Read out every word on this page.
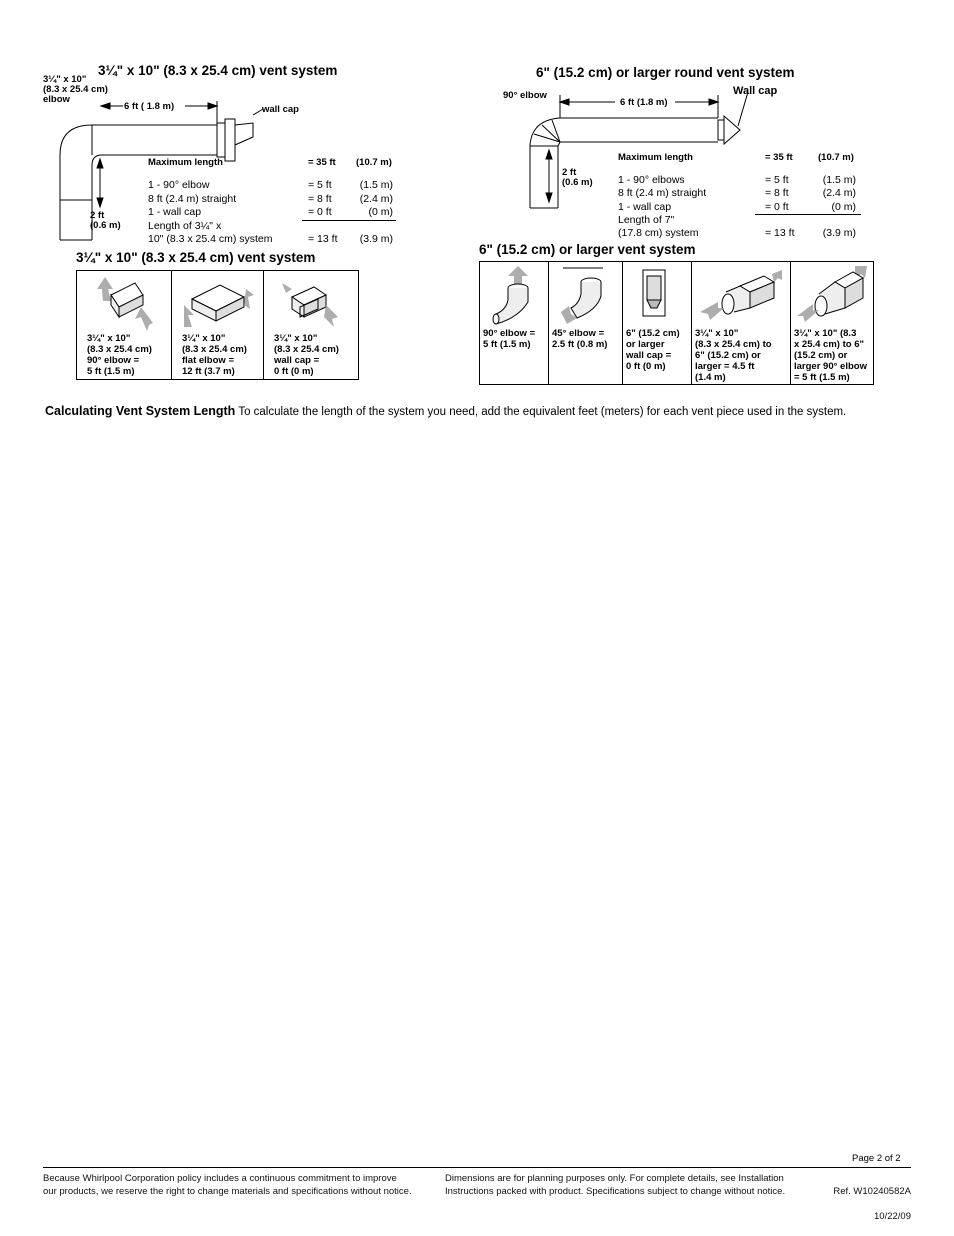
3¼" x 10" (8.3 x 25.4 cm) vent system
3¼" x 10"
(8.3 x 25.4 cm)
elbow
6 ft ( 1.8 m)	wall cap
2 ft
(0.6 m)
Maximum length	= 35 ft (10.7 m)
1 - 90° elbow	= 5 ft	(1.5 m)
8 ft (2.4 m) straight	= 8 ft	(2.4 m)
1 - wall cap	= 0 ft	(0 m)
Length of 3¼" x
10" (8.3 x 25.4 cm) system	= 13 ft	(3.9 m)
6" (15.2 cm) or larger round vent system
90° elbow
6 ft (1.8 m)
Wall cap
2 ft
(0.6 m)
Maximum length	= 35 ft	(10.7 m)
1 - 90° elbows	= 5 ft	(1.5 m)
8 ft (2.4 m) straight	= 8 ft	(2.4 m)
1 - wall cap	= 0 ft	(0 m)
Length of 7"
(17.8 cm) system	= 13 ft	(3.9 m)
3¼" x 10" (8.3 x 25.4 cm) vent system
3¼" x 10"
(8.3 x 25.4 cm)
90° elbow =
5 ft (1.5 m)
3¼" x 10"
(8.3 x 25.4 cm)
flat elbow =
12 ft (3.7 m)
3¼" x 10"
(8.3 x 25.4 cm)
wall cap =
0 ft (0 m)
6" (15.2 cm) or larger vent system
90° elbow =
5 ft (1.5 m)
45° elbow =
2.5 ft (0.8 m)
6" (15.2 cm)
or larger
wall cap =
0 ft (0 m)
3¼" x 10"
(8.3 x 25.4 cm) to
6" (15.2 cm) or
larger = 4.5 ft
(1.4 m)
3¼" x 10" (8.3
x 25.4 cm) to 6"
(15.2 cm) or
larger 90° elbow
= 5 ft (1.5 m)
Calculating Vent System Length To calculate the length of the system you need, add the equivalent feet (meters) for each vent piece used in the system.
Page 2 of 2
Because Whirlpool Corporation policy includes a continuous commitment to improve
our products, we reserve the right to change materials and specifications without notice.
Dimensions are for planning purposes only. For complete details, see Installation
Instructions packed with product. Specifications subject to change without notice.	Ref. W10240582A

10/22/09
